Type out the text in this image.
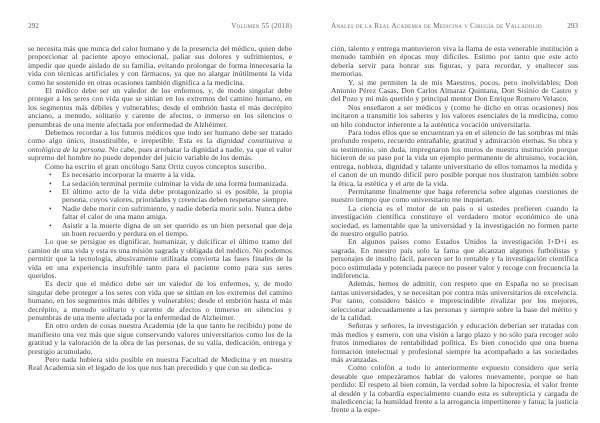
292	Volumen 55 (2018)

se necesita más que nunca del calor humano y de la presencia del médico, quien debe proporcionar al paciente apoyo emocional, paliar sus dolores y sufrimientos, e impedir que quede aislado de su familia, evitando prolongar de forma innecesaria la vida con técnicas artificiales y con fármacos, ya que no alargar inútilmente la vida como he sostenido en otras ocasiones también dignifica a la medicina.

El médico debe ser un valedor de los enfermos, y, de modo singular debe proteger a los seres con vida que se sitúan en los extremos del camino humano, en los segmentos más débiles y vulnerables; desde el embrión hasta el más decrépito anciano, a menudo, solitario y carente de afectos, o inmerso en los silencios o penumbras de una mente afectada por enfermedad de Alzhéimer.

Debemos recordar a los futuros médicos que todo ser humano debe ser tratado como algo único, insustituible, e irrepetible. Esta es la dignidad constitutiva u ontológica de la persona. No cabe, pues arrebatar la dignidad a nadie, ya que el valor supremo del hombre no puede depender del juicio variable de los demás.

Como ha escrito el gran oncólogo Sanz Ortiz cuyos conceptos suscribo.

• Es necesario incorporar la muerte a la vida.
• La sedación terminal permite culminar la vida de una forma humanizada.
• El último acto de la vida debe protagonizarlo si es posible, la propia persona, cuyos valores, prioridades y creencias deben respetarse siempre.
• Nadie debe morir con sufrimiento, y nadie debería morir solo. Nunca debe faltar el calor de una mano amiga.
• Asistir a la muerte digna de un ser querido es un bien personal que deja un buen recuerdo y perdura en el tiempo.

Lo que se persigue es dignificar, humanizar, y dulcificar el último tramo del camino de una vida y esta es una misión sagrada y obligada del médico. No podemos permitir que la tecnología, abusivamente utilizada convierta las fases finales de la vida en una experiencia insufrible tanto para el paciente como para sus seres queridos.

Es decir que el médico debe ser un valedor de los enfermos, y, de modo singular debe proteger a los seres con vida que se sitúan en los extremos del camino humano, en los segmentos más débiles y vulnerables; desde el embrión hasta el más decrépito, a menudo solitario y carente de afectos o inmerso en silencios y penumbras de una mente afectada por la enfermedad de Alzheimer.

En otro orden de cosas nuestra Academia (de la que tanto he recibido) pone de manifiesto una vez más que sigue conservando valores universitarios como los de la gratitud y la valoración de la obra de las personas, de su valía, dedicación, entrega y prestigio acumulado.

Pero nada hubiera sido posible en nuestra Facultad de Medicina y en nuestra Real Academia sin el legado de los que nos han precedido y que con su dedica-

Anales de la Real Academia de Medicina y Cirugía de Valladolid	293

ción, talento y entrega mantuvieron viva la llama de esta venerable institución a menudo también en épocas muy difíciles. Estimo por tanto que este acto debería servir para honrar sus figuras, y para recordar, y enaltecer sus memorias.

Y, si me permiten la de mis Maestros, pocos, pero inolvidables; Don Antonio Pérez Casas, Don Carlos Almaraz Quintana, Don Sisinio de Castro y del Pozo y mi más querido y principal mentor Don Enrique Romero Velasco.

Nos enseñaron a ser médicos y (como he dicho en otras ocasiones) nos incitaron a transmitir los saberes y los valores esenciales de la medicina, como un hilo conductor inherente a la auténtica vocación universitaria.

Para todos ellos que se encuentran ya en el silencio de las sombras mi más profundo respeto, recuerdo entrañable, gratitud y admiración eternas. Su obra y su testimonio, sin duda, impregnaron los muros de nuestra institución porque hicieron de su paso por la vida un ejemplo permanente de altruismo, vocación, entrega, nobleza, dignidad y talante universitario de ellos tomamos la medida y el canon de un mundo difícil pero posible porque nos ilustraron también sobre la ética, la estética y el arte de la vida.

Permítanme finalmente que haga referencia sobre algunas cuestiones de nuestro tiempo que como universitario me inquietan.

La ciencia es el motor de un país o si ustedes prefieren cuando la investigación científica constituye el verdadero motor económico de una sociedad, es lamentable que la universidad y la investigación no formen parte de nuestro orgullo patrio.

En algunos países como Estados Unidos la investigación I+D+i es sagrada. En nuestro país solo la fama que alcanzan algunos futbolistas y personajes de insulto fácil, parecen ser lo rentable y la investigación científica poco estimulada y potenciada parece no poseer valor y recoge con frecuencia la indiferencia.

Además, hemos de admitir, con respeto que en España no se precisan tantas universidades, y se necesitan por contra más universitarios de excelencia. Por tanto, considero básico e imprescindible rivalizar por los mejores, seleccionar adecuadamente a las personas y siempre sobre la base del mérito y de la calidad.

Señoras y señores, la investigación y educación deberían ser tratadas con más medios y esmero, con una visión a largo plazo y no sólo para recoger solo frutos inmediatos de rentabilidad política. Es bien conocido que una buena formación intelectual y profesional siempre ha acompañado a las sociedades más avanzadas.

Como colofón a todo lo anteriormente expuesto considero que sería deseable que empezáramos hablar de valores nuevamente, porque se han perdido: El respeto al bien común, la verdad sobre la hipocresía, el valor frente al desdén y la cobardía especialmente cuando esta es subrepticia y cargada de maledicencia; la humildad frente a la arrogancia impertinente y fatua; la justicia frente a la espe-
